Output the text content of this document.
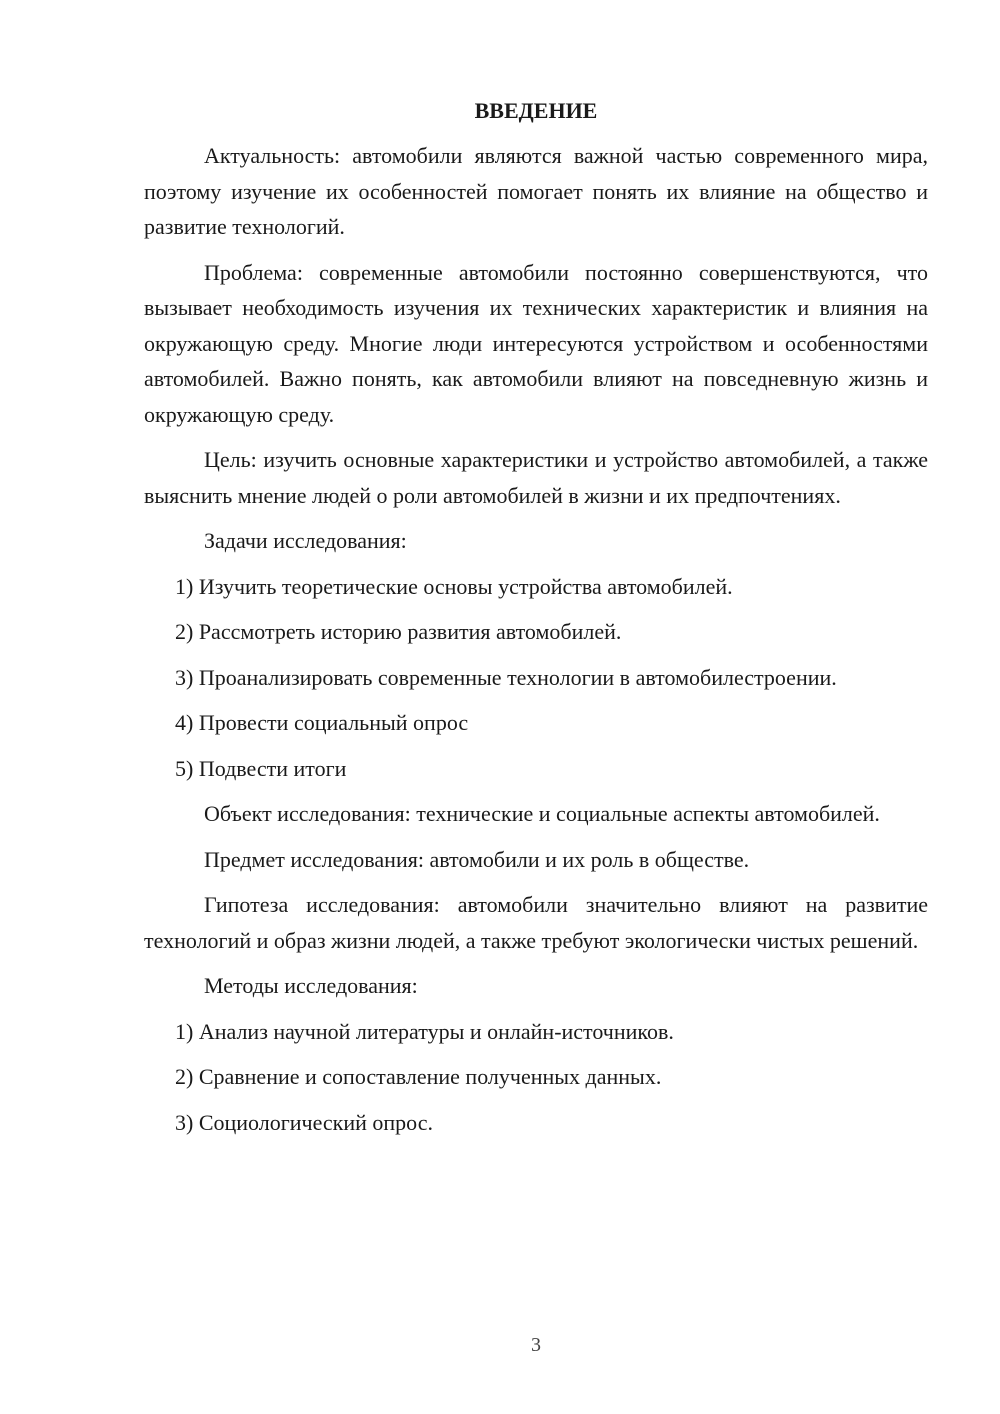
ВВЕДЕНИЕ

Актуальность: автомобили являются важной частью современного мира, поэтому изучение их особенностей помогает понять их влияние на общество и развитие технологий.

Проблема: современные автомобили постоянно совершенствуются, что вызывает необходимость изучения их технических характеристик и влияния на окружающую среду. Многие люди интересуются устройством и особенностями автомобилей. Важно понять, как автомобили влияют на повседневную жизнь и окружающую среду.

Цель: изучить основные характеристики и устройство автомобилей, а также выяснить мнение людей о роли автомобилей в жизни и их предпочтениях.

Задачи исследования:

1) Изучить теоретические основы устройства автомобилей.
2) Рассмотреть историю развития автомобилей.
3) Проанализировать современные технологии в автомобилестроении.
4) Провести социальный опрос
5) Подвести итоги

Объект исследования: технические и социальные аспекты автомобилей.

Предмет исследования: автомобили и их роль в обществе.

Гипотеза исследования: автомобили значительно влияют на развитие технологий и образ жизни людей, а также требуют экологически чистых решений.

Методы исследования:

1) Анализ научной литературы и онлайн-источников.
2) Сравнение и сопоставление полученных данных.
3) Социологический опрос.
3
